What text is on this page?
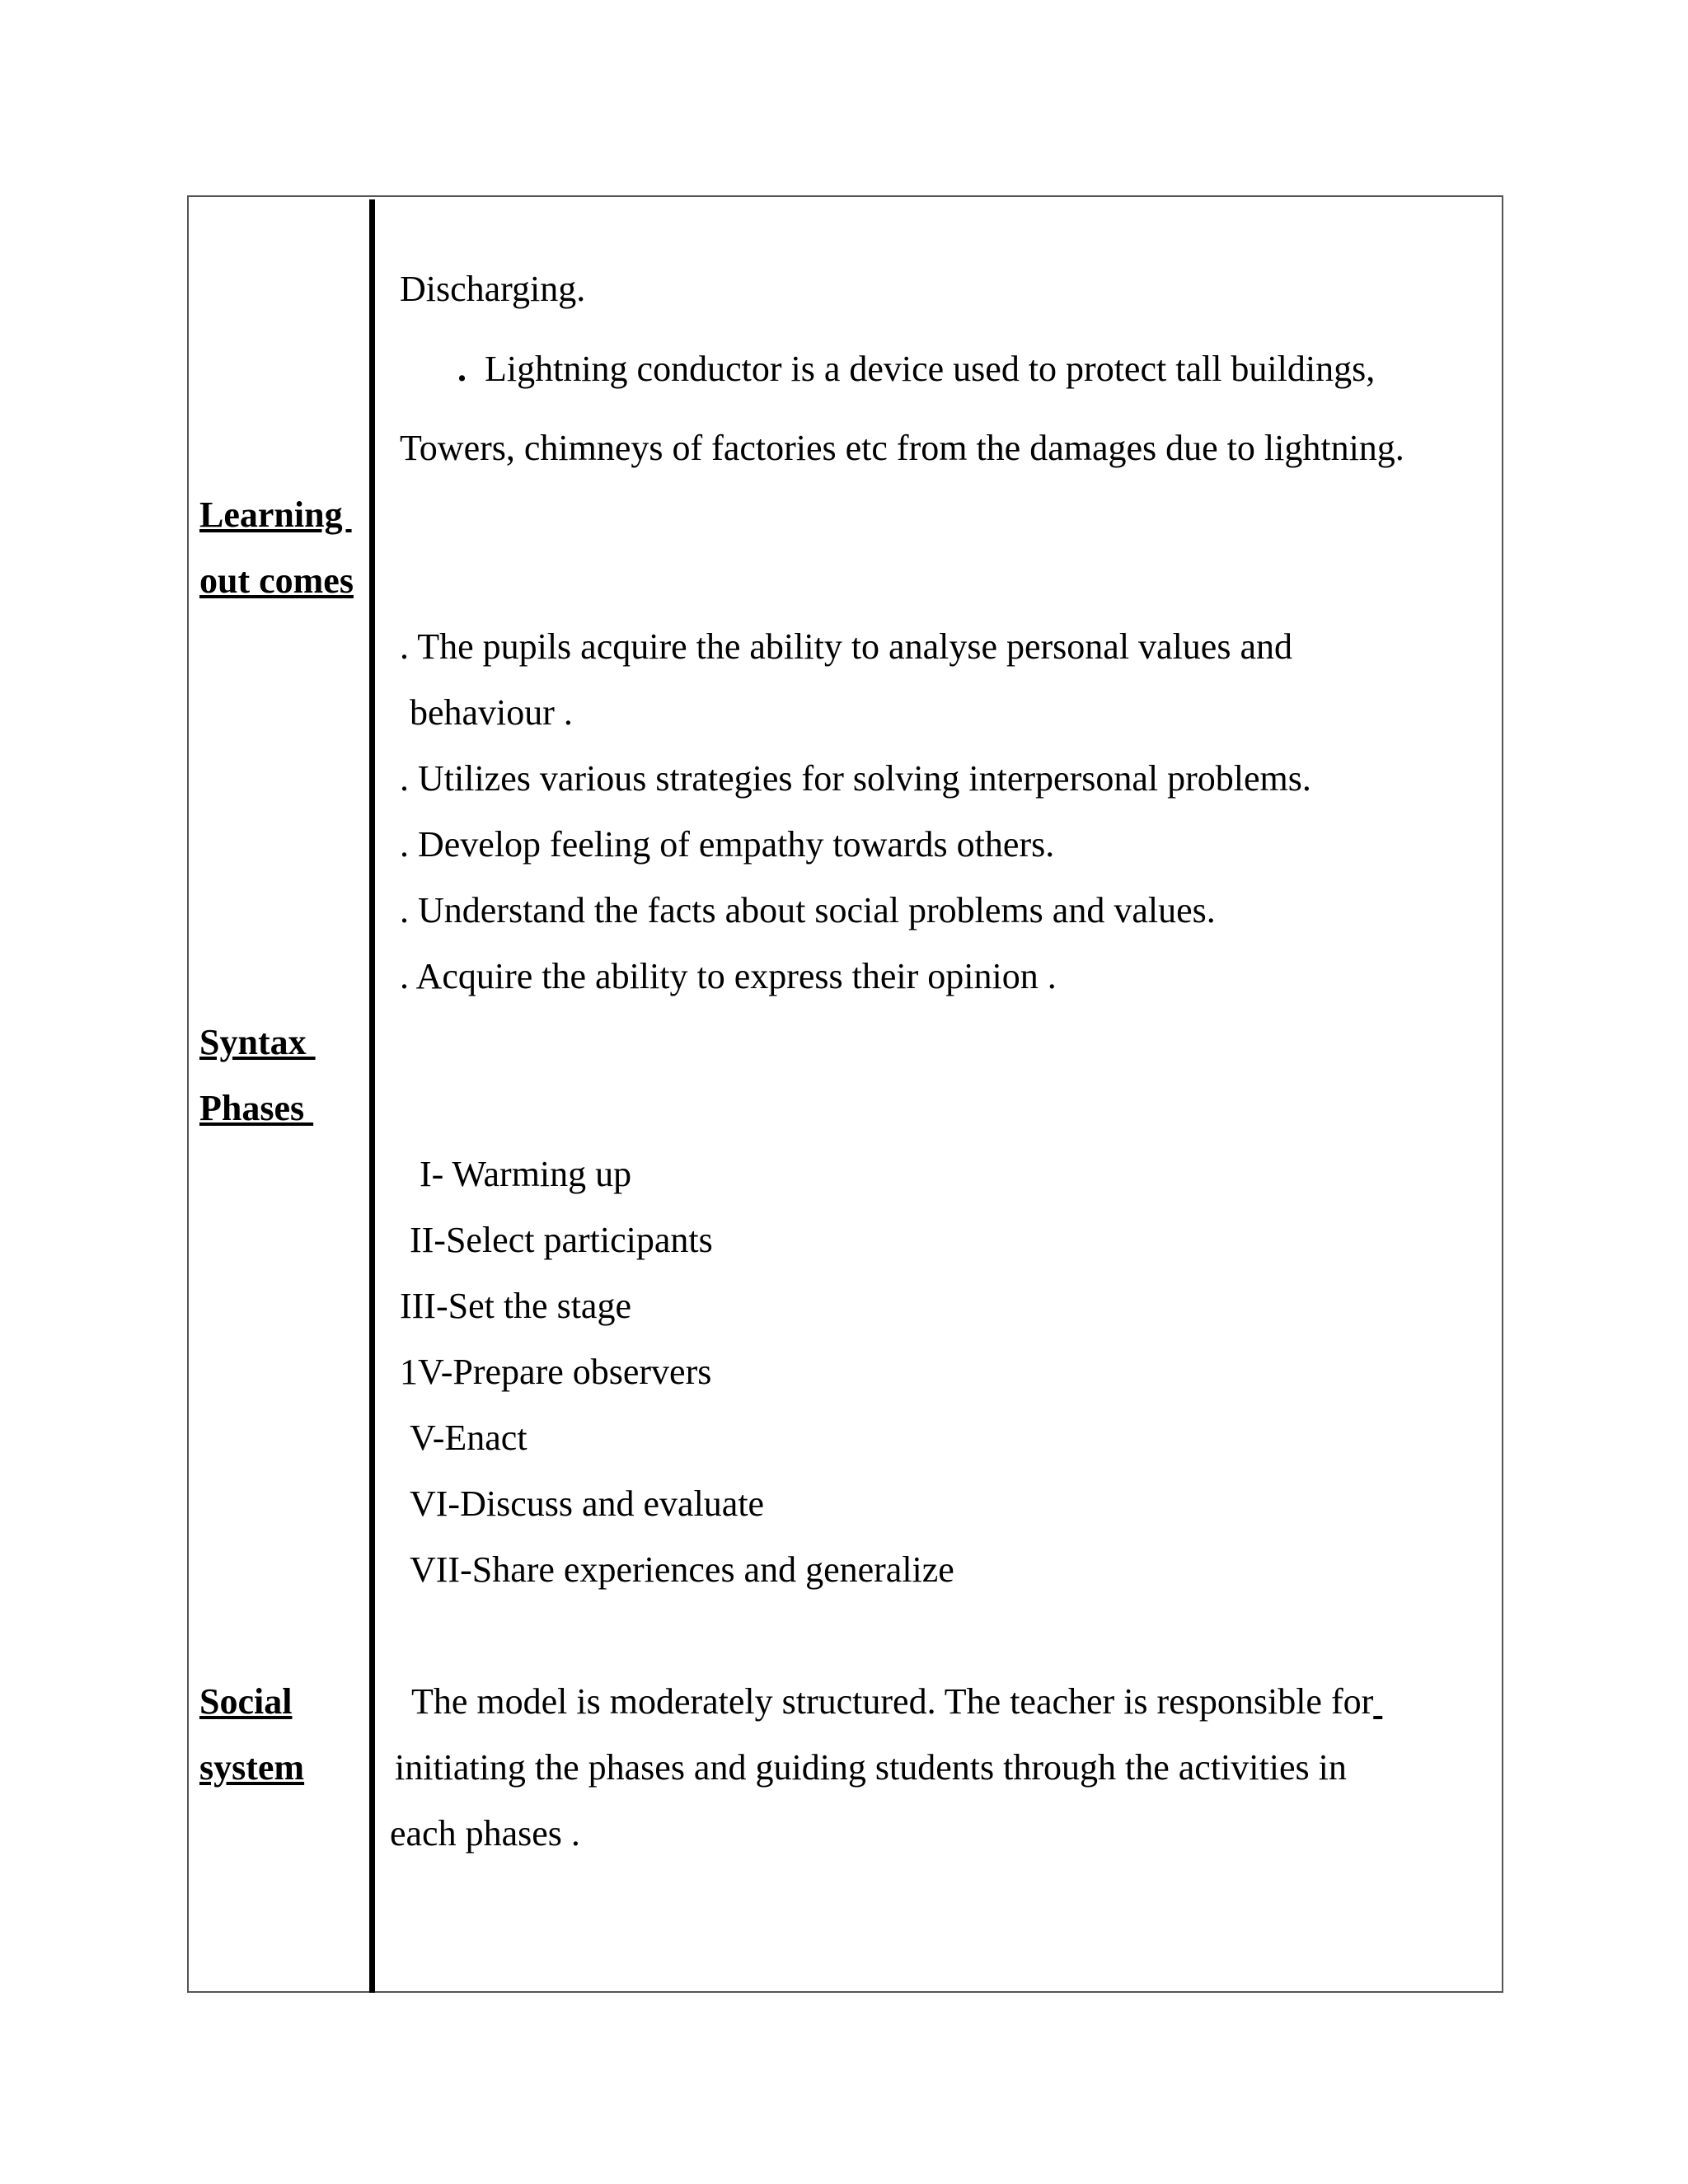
Learning
out comes
Syntax
Phases
Social
system
Discharging.
. Lightning conductor is a device used to protect tall buildings,
Towers, chimneys of factories etc from the damages due to lightning.
. The pupils acquire the ability to analyse personal values and
behaviour .
. Utilizes various strategies for solving interpersonal problems.
. Develop feeling of empathy towards others.
. Understand the facts about social problems and values.
. Acquire the ability to express their opinion .
I- Warming up
II-Select participants
III-Set the stage
1V-Prepare observers
V-Enact
VI-Discuss and evaluate
VII-Share experiences and generalize
The model is moderately structured. The teacher is responsible for
initiating the phases and guiding students through the activities in
each phases .
